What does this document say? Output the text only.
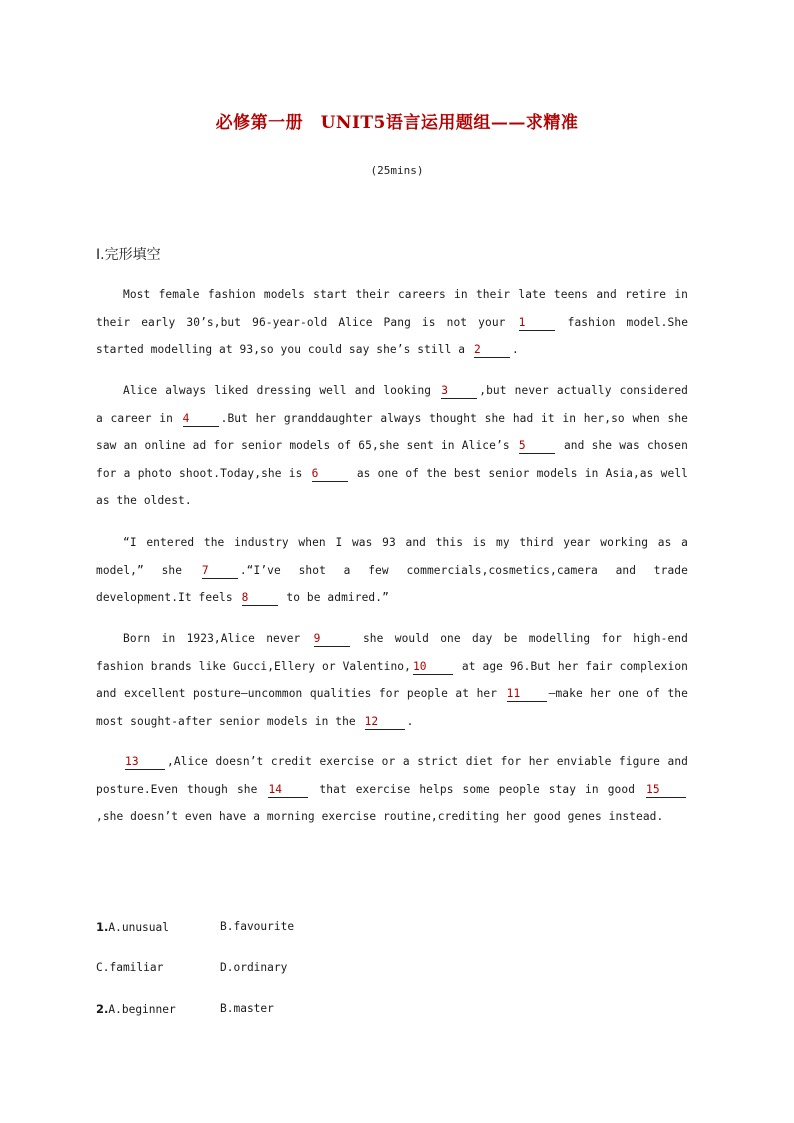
必修第一册　UNIT5语言运用题组——求精准
(25mins)
Ⅰ.完形填空
Most female fashion models start their careers in their late teens and retire in their early 30’s,but 96-year-old Alice Pang is not your 1	fashion model.She started modelling at 93,so you could say she’s still a 2	.
Alice always liked dressing well and looking 3	,but never actually considered a career in 4	.But her granddaughter always thought she had it in her,so when she saw an online ad for senior models of 65,she sent in Alice’s 5	and she was chosen for a photo shoot.Today,she is 6	as one of the best senior models in Asia,as well as the oldest.
“I entered the industry when I was 93 and this is my third year working as a model,” she 7	.“I’ve shot a few commercials,cosmetics,camera and trade development.It feels 8	to be admired.”
Born in 1923,Alice never 9	she would one day be modelling for high-end fashion brands like Gucci,Ellery or Valentino, 10	at age 96.But her fair complexion and excellent posture—uncommon qualities for people at her 11	—make her one of the most sought-after senior models in the 12	.
13	,Alice doesn’t credit exercise or a strict diet for her enviable figure and posture.Even though she 14	that exercise helps some people stay in good 15,she doesn’t even have a morning exercise routine,crediting her good genes instead.
1.A.unusual	B.favourite
C.familiar	D.ordinary
2.A.beginner	B.master
